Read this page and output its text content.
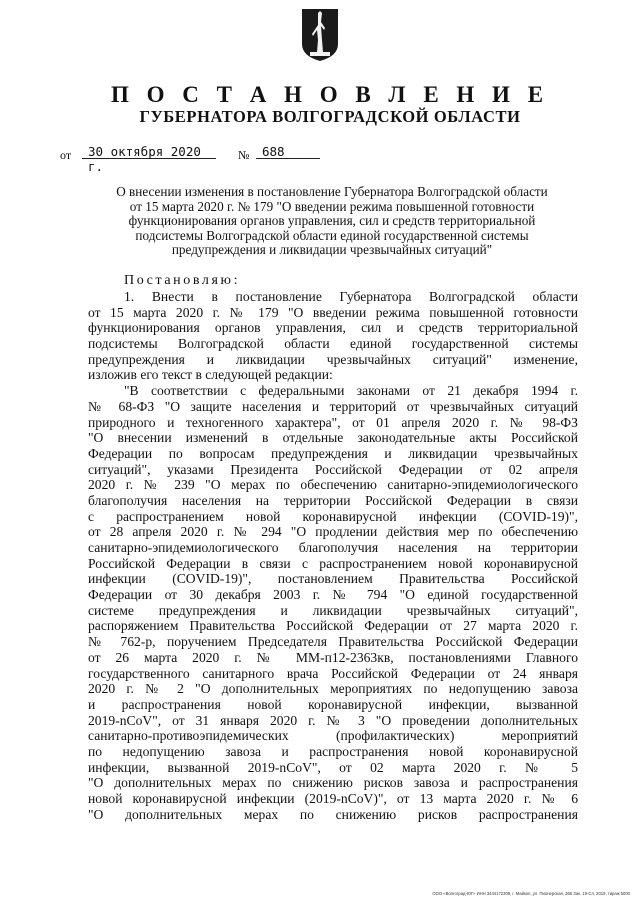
П О С Т А Н О В Л Е Н И Е
ГУБЕРНАТОРА ВОЛГОГРАДСКОЙ ОБЛАСТИ
от	30 октября 2020 г.
№	688
О внесении изменения в постановление Губернатора Волгоградской области
от 15 марта 2020 г. № 179 "О введении режима повышенной готовности
функционирования органов управления, сил и средств территориальной
подсистемы Волгоградской области единой государственной системы
предупреждения и ликвидации чрезвычайных ситуаций"
Постановляю:
1. Внести в постановление Губернатора Волгоградской области
от 15 марта 2020 г. № 179 "О введении режима повышенной готовности
функционирования органов управления, сил и средств территориальной
подсистемы Волгоградской области единой государственной системы
предупреждения и ликвидации чрезвычайных ситуаций" изменение,
изложив его текст в следующей редакции:
"В соответствии с федеральными законами от 21 декабря 1994 г.
№ 68-ФЗ "О защите населения и территорий от чрезвычайных ситуаций
природного и техногенного характера", от 01 апреля 2020 г. № 98-ФЗ
"О внесении изменений в отдельные законодательные акты Российской
Федерации по вопросам предупреждения и ликвидации чрезвычайных
ситуаций", указами Президента Российской Федерации от 02 апреля
2020 г. № 239 "О мерах по обеспечению санитарно-эпидемиологического
благополучия населения на территории Российской Федерации в связи
с распространением новой коронавирусной инфекции (COVID-19)",
от 28 апреля 2020 г. № 294 "О продлении действия мер по обеспечению
санитарно-эпидемиологического благополучия населения на территории
Российской Федерации в связи с распространением новой коронавирусной
инфекции (COVID-19)", постановлением Правительства Российской
Федерации от 30 декабря 2003 г. № 794 "О единой государственной
системе предупреждения и ликвидации чрезвычайных ситуаций",
распоряжением Правительства Российской Федерации от 27 марта 2020 г.
№ 762-р, поручением Председателя Правительства Российской Федерации
от 26 марта 2020 г. № ММ-п12-2363кв, постановлениями Главного
государственного санитарного врача Российской Федерации от 24 января
2020 г. № 2 "О дополнительных мероприятиях по недопущению завоза
и распространения новой коронавирусной инфекции, вызванной
2019-nCoV", от 31 января 2020 г. № 3 "О проведении дополнительных
санитарно-противоэпидемических (профилактических) мероприятий
по недопущению завоза и распространения новой коронавирусной
инфекции, вызванной 2019-nCoV", от 02 марта 2020 г. № 5
"О дополнительных мерах по снижению рисков завоза и распространения
новой коронавирусной инфекции (2019-nCoV)", от 13 марта 2020 г. № 6
"О дополнительных мерах по снижению рисков распространения
ООО «Волгоград-ЮГ» ИНН 3444172309, г. Майкоп, ул. Пионерская, 366 Зак. 19-Сл, 2019, тираж 5000
